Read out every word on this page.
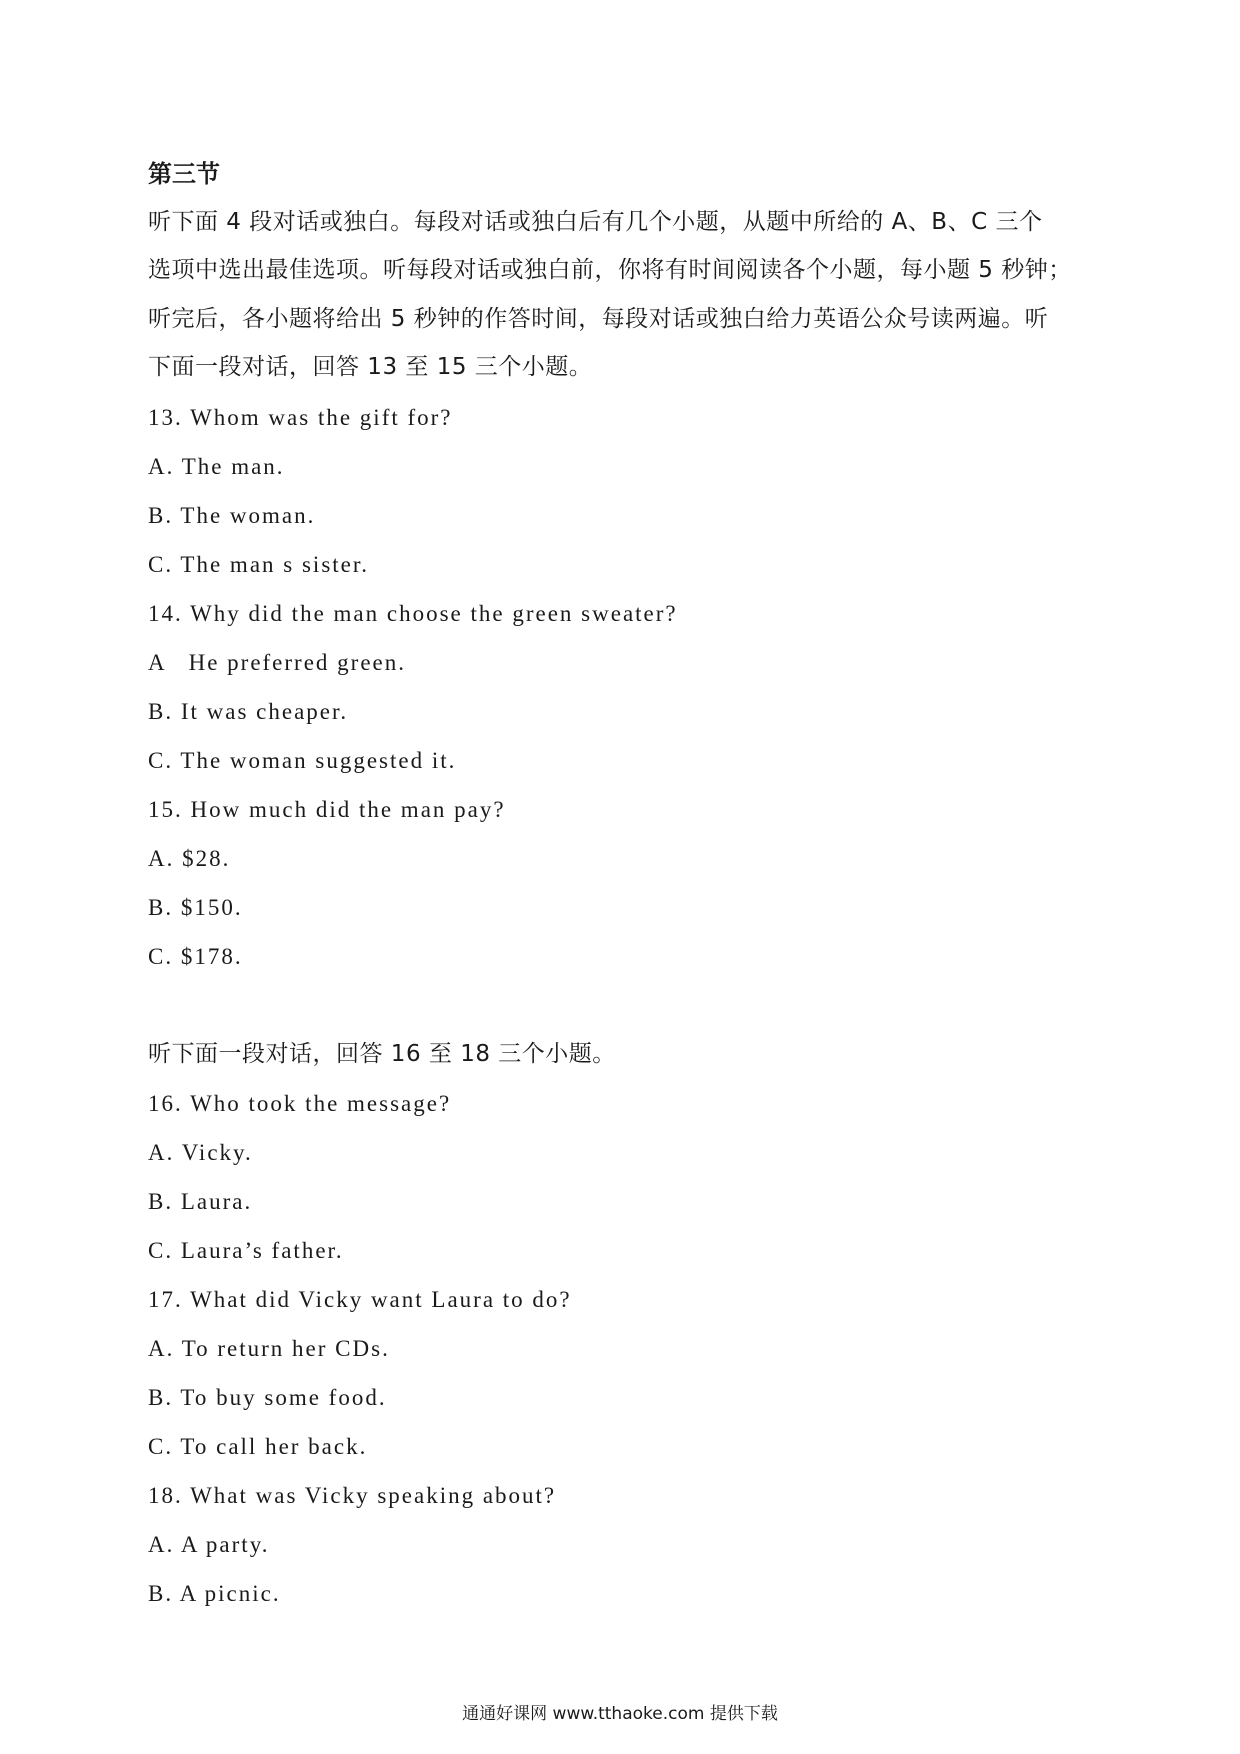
第三节
听下面 4 段对话或独白。每段对话或独白后有几个小题，从题中所给的 A、B、C 三个
选项中选出最佳选项。听每段对话或独白前，你将有时间阅读各个小题，每小题 5 秒钟；
听完后，各小题将给出 5 秒钟的作答时间，每段对话或独白给力英语公众号读两遍。听
下面一段对话，回答 13 至 15 三个小题。
13. Whom was the gift for?
A. The man.
B. The woman.
C. The man s sister.
14. Why did the man choose the green sweater?
A   He preferred green.
B. It was cheaper.
C. The woman suggested it.
15. How much did the man pay?
A. $28.
B. $150.
C. $178.
听下面一段对话，回答 16 至 18 三个小题。
16. Who took the message?
A. Vicky.
B. Laura.
C. Laura’s father.
17. What did Vicky want Laura to do?
A. To return her CDs.
B. To buy some food.
C. To call her back.
18. What was Vicky speaking about?
A. A party.
B. A picnic.
通通好课网 www.tthaoke.com 提供下载
